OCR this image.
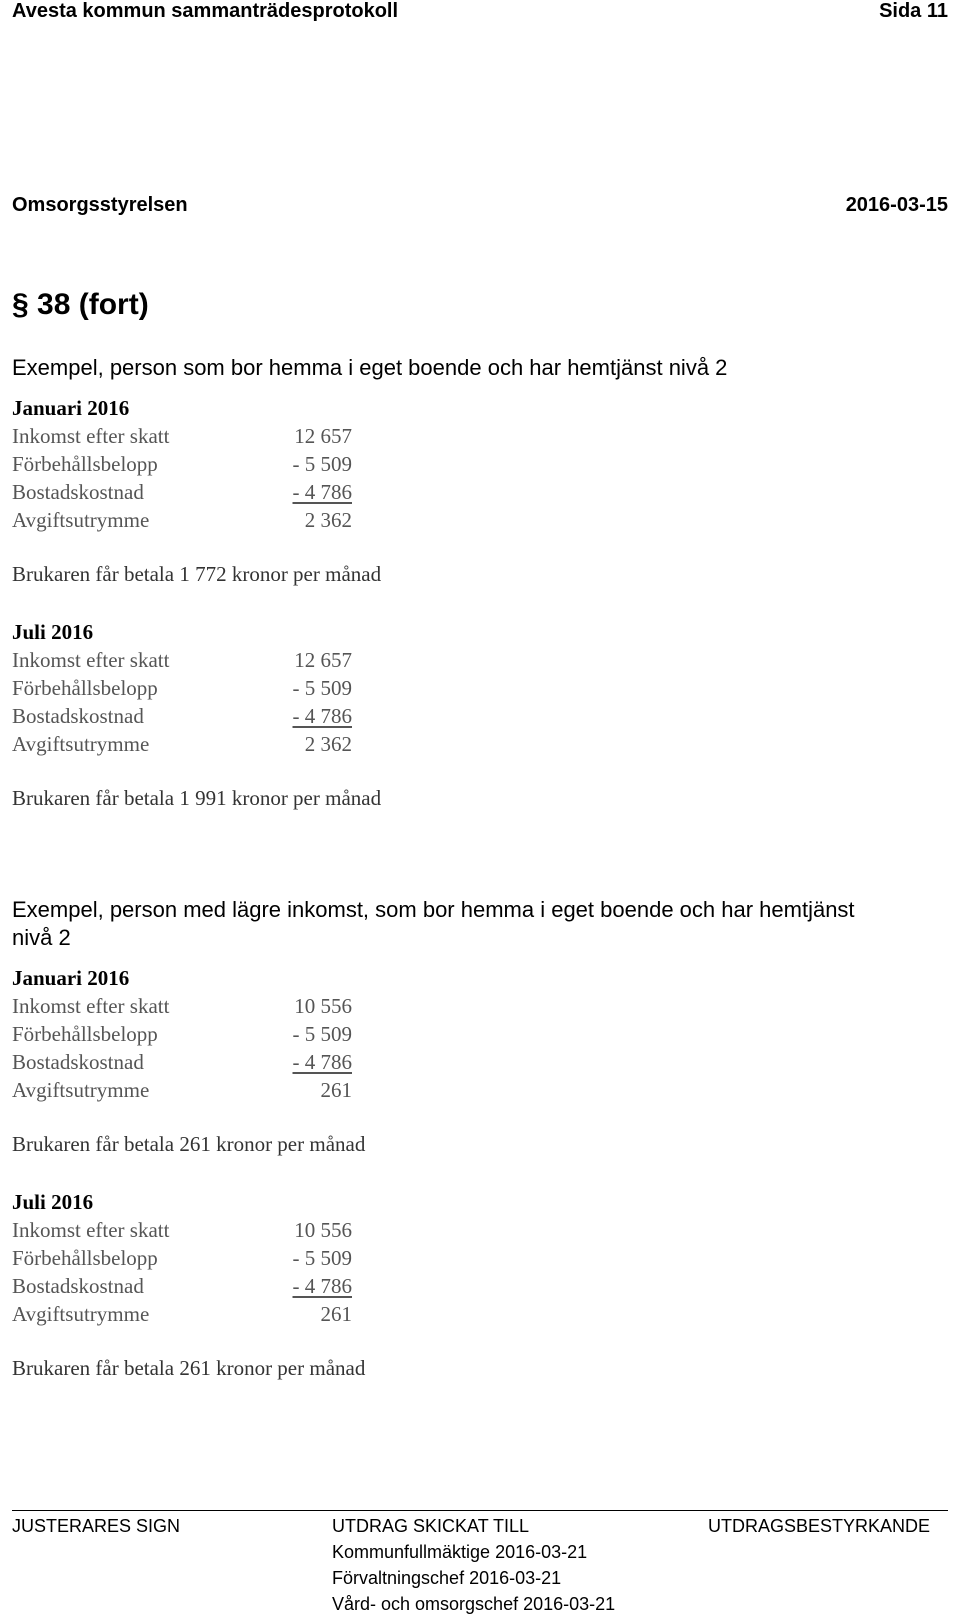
Avesta kommun sammanträdesprotokoll	Sida 11
Omsorgsstyrelsen	2016-03-15
§ 38 (fort)
Exempel, person som bor hemma i eget boende och har hemtjänst nivå 2
Januari 2016
Inkomst efter skatt	12 657
Förbehållsbelopp	- 5 509
Bostadskostnad	- 4 786
Avgiftsutrymme	2 362
Brukaren får betala 1 772 kronor per månad
Juli 2016
Inkomst efter skatt	12 657
Förbehållsbelopp	- 5 509
Bostadskostnad	- 4 786
Avgiftsutrymme	2 362
Brukaren får betala 1 991 kronor per månad
Exempel, person med lägre inkomst, som bor hemma i eget boende och har hemtjänst nivå 2
Januari 2016
Inkomst efter skatt	10 556
Förbehållsbelopp	- 5 509
Bostadskostnad	- 4 786
Avgiftsutrymme	261
Brukaren får betala 261 kronor per månad
Juli 2016
Inkomst efter skatt	10 556
Förbehållsbelopp	- 5 509
Bostadskostnad	- 4 786
Avgiftsutrymme	261
Brukaren får betala 261 kronor per månad
JUSTERARES SIGN	UTDRAG SKICKAT TILL
Kommunfullmäktige 2016-03-21
Förvaltningschef 2016-03-21
Vård- och omsorgschef 2016-03-21
UTDRAGSBESTYRKANDE
